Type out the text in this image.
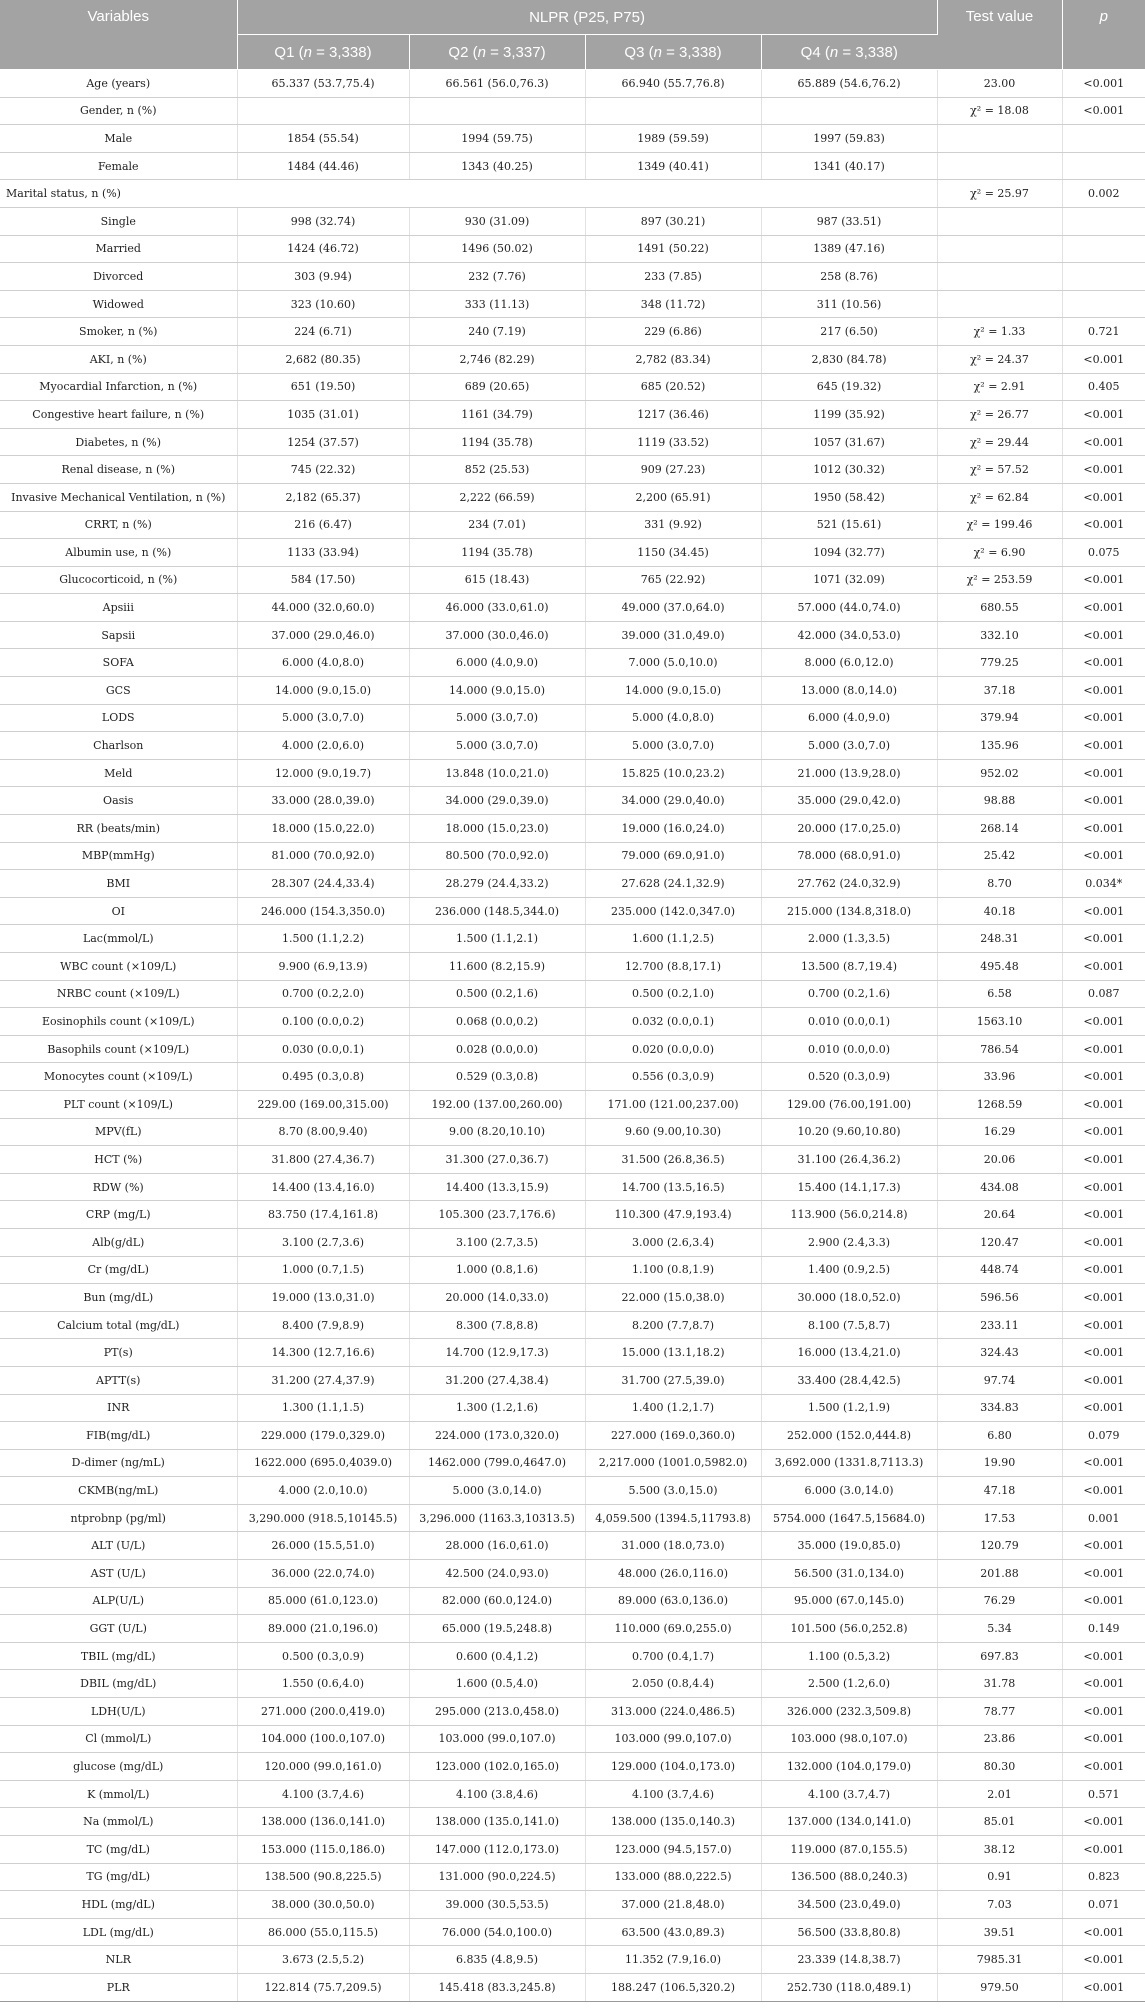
Variables	NLPR (P25, P75)				Test value	p
	Q1 (n = 3,338)	Q2 (n = 3,337)	Q3 (n = 3,338)	Q4 (n = 3,338)		
Age (years)	65.337 (53.7,75.4)	66.561 (56.0,76.3)	66.940 (55.7,76.8)	65.889 (54.6,76.2)	23.00	<0.001
Gender, n (%)					χ² = 18.08	<0.001
Male	1854 (55.54)	1994 (59.75)	1989 (59.59)	1997 (59.83)		
Female	1484 (44.46)	1343 (40.25)	1349 (40.41)	1341 (40.17)		
Marital status, n (%)					χ² = 25.97	0.002
Single	998 (32.74)	930 (31.09)	897 (30.21)	987 (33.51)		
Married	1424 (46.72)	1496 (50.02)	1491 (50.22)	1389 (47.16)		
Divorced	303 (9.94)	232 (7.76)	233 (7.85)	258 (8.76)		
Widowed	323 (10.60)	333 (11.13)	348 (11.72)	311 (10.56)		
Smoker, n (%)	224 (6.71)	240 (7.19)	229 (6.86)	217 (6.50)	χ² = 1.33	0.721
AKI, n (%)	2,682 (80.35)	2,746 (82.29)	2,782 (83.34)	2,830 (84.78)	χ² = 24.37	<0.001
Myocardial Infarction, n (%)	651 (19.50)	689 (20.65)	685 (20.52)	645 (19.32)	χ² = 2.91	0.405
Congestive heart failure, n (%)	1035 (31.01)	1161 (34.79)	1217 (36.46)	1199 (35.92)	χ² = 26.77	<0.001
Diabetes, n (%)	1254 (37.57)	1194 (35.78)	1119 (33.52)	1057 (31.67)	χ² = 29.44	<0.001
Renal disease, n (%)	745 (22.32)	852 (25.53)	909 (27.23)	1012 (30.32)	χ² = 57.52	<0.001
Invasive Mechanical Ventilation, n (%)	2,182 (65.37)	2,222 (66.59)	2,200 (65.91)	1950 (58.42)	χ² = 62.84	<0.001
CRRT, n (%)	216 (6.47)	234 (7.01)	331 (9.92)	521 (15.61)	χ² = 199.46	<0.001
Albumin use, n (%)	1133 (33.94)	1194 (35.78)	1150 (34.45)	1094 (32.77)	χ² = 6.90	0.075
Glucocorticoid, n (%)	584 (17.50)	615 (18.43)	765 (22.92)	1071 (32.09)	χ² = 253.59	<0.001
Apsiii	44.000 (32.0,60.0)	46.000 (33.0,61.0)	49.000 (37.0,64.0)	57.000 (44.0,74.0)	680.55	<0.001
Sapsii	37.000 (29.0,46.0)	37.000 (30.0,46.0)	39.000 (31.0,49.0)	42.000 (34.0,53.0)	332.10	<0.001
SOFA	6.000 (4.0,8.0)	6.000 (4.0,9.0)	7.000 (5.0,10.0)	8.000 (6.0,12.0)	779.25	<0.001
GCS	14.000 (9.0,15.0)	14.000 (9.0,15.0)	14.000 (9.0,15.0)	13.000 (8.0,14.0)	37.18	<0.001
LODS	5.000 (3.0,7.0)	5.000 (3.0,7.0)	5.000 (4.0,8.0)	6.000 (4.0,9.0)	379.94	<0.001
Charlson	4.000 (2.0,6.0)	5.000 (3.0,7.0)	5.000 (3.0,7.0)	5.000 (3.0,7.0)	135.96	<0.001
Meld	12.000 (9.0,19.7)	13.848 (10.0,21.0)	15.825 (10.0,23.2)	21.000 (13.9,28.0)	952.02	<0.001
Oasis	33.000 (28.0,39.0)	34.000 (29.0,39.0)	34.000 (29.0,40.0)	35.000 (29.0,42.0)	98.88	<0.001
RR (beats/min)	18.000 (15.0,22.0)	18.000 (15.0,23.0)	19.000 (16.0,24.0)	20.000 (17.0,25.0)	268.14	<0.001
MBP(mmHg)	81.000 (70.0,92.0)	80.500 (70.0,92.0)	79.000 (69.0,91.0)	78.000 (68.0,91.0)	25.42	<0.001
BMI	28.307 (24.4,33.4)	28.279 (24.4,33.2)	27.628 (24.1,32.9)	27.762 (24.0,32.9)	8.70	0.034*
OI	246.000 (154.3,350.0)	236.000 (148.5,344.0)	235.000 (142.0,347.0)	215.000 (134.8,318.0)	40.18	<0.001
Lac(mmol/L)	1.500 (1.1,2.2)	1.500 (1.1,2.1)	1.600 (1.1,2.5)	2.000 (1.3,3.5)	248.31	<0.001
WBC count (×109/L)	9.900 (6.9,13.9)	11.600 (8.2,15.9)	12.700 (8.8,17.1)	13.500 (8.7,19.4)	495.48	<0.001
NRBC count (×109/L)	0.700 (0.2,2.0)	0.500 (0.2,1.6)	0.500 (0.2,1.0)	0.700 (0.2,1.6)	6.58	0.087
Eosinophils count (×109/L)	0.100 (0.0,0.2)	0.068 (0.0,0.2)	0.032 (0.0,0.1)	0.010 (0.0,0.1)	1563.10	<0.001
Basophils count (×109/L)	0.030 (0.0,0.1)	0.028 (0.0,0.0)	0.020 (0.0,0.0)	0.010 (0.0,0.0)	786.54	<0.001
Monocytes count (×109/L)	0.495 (0.3,0.8)	0.529 (0.3,0.8)	0.556 (0.3,0.9)	0.520 (0.3,0.9)	33.96	<0.001
PLT count (×109/L)	229.00 (169.00,315.00)	192.00 (137.00,260.00)	171.00 (121.00,237.00)	129.00 (76.00,191.00)	1268.59	<0.001
MPV(fL)	8.70 (8.00,9.40)	9.00 (8.20,10.10)	9.60 (9.00,10.30)	10.20 (9.60,10.80)	16.29	<0.001
HCT (%)	31.800 (27.4,36.7)	31.300 (27.0,36.7)	31.500 (26.8,36.5)	31.100 (26.4,36.2)	20.06	<0.001
RDW (%)	14.400 (13.4,16.0)	14.400 (13.3,15.9)	14.700 (13.5,16.5)	15.400 (14.1,17.3)	434.08	<0.001
CRP (mg/L)	83.750 (17.4,161.8)	105.300 (23.7,176.6)	110.300 (47.9,193.4)	113.900 (56.0,214.8)	20.64	<0.001
Alb(g/dL)	3.100 (2.7,3.6)	3.100 (2.7,3.5)	3.000 (2.6,3.4)	2.900 (2.4,3.3)	120.47	<0.001
Cr (mg/dL)	1.000 (0.7,1.5)	1.000 (0.8,1.6)	1.100 (0.8,1.9)	1.400 (0.9,2.5)	448.74	<0.001
Bun (mg/dL)	19.000 (13.0,31.0)	20.000 (14.0,33.0)	22.000 (15.0,38.0)	30.000 (18.0,52.0)	596.56	<0.001
Calcium total (mg/dL)	8.400 (7.9,8.9)	8.300 (7.8,8.8)	8.200 (7.7,8.7)	8.100 (7.5,8.7)	233.11	<0.001
PT(s)	14.300 (12.7,16.6)	14.700 (12.9,17.3)	15.000 (13.1,18.2)	16.000 (13.4,21.0)	324.43	<0.001
APTT(s)	31.200 (27.4,37.9)	31.200 (27.4,38.4)	31.700 (27.5,39.0)	33.400 (28.4,42.5)	97.74	<0.001
INR	1.300 (1.1,1.5)	1.300 (1.2,1.6)	1.400 (1.2,1.7)	1.500 (1.2,1.9)	334.83	<0.001
FIB(mg/dL)	229.000 (179.0,329.0)	224.000 (173.0,320.0)	227.000 (169.0,360.0)	252.000 (152.0,444.8)	6.80	0.079
D-dimer (ng/mL)	1622.000 (695.0,4039.0)	1462.000 (799.0,4647.0)	2,217.000 (1001.0,5982.0)	3,692.000 (1331.8,7113.3)	19.90	<0.001
CKMB(ng/mL)	4.000 (2.0,10.0)	5.000 (3.0,14.0)	5.500 (3.0,15.0)	6.000 (3.0,14.0)	47.18	<0.001
ntprobnp (pg/ml)	3,290.000 (918.5,10145.5)	3,296.000 (1163.3,10313.5)	4,059.500 (1394.5,11793.8)	5754.000 (1647.5,15684.0)	17.53	0.001
ALT (U/L)	26.000 (15.5,51.0)	28.000 (16.0,61.0)	31.000 (18.0,73.0)	35.000 (19.0,85.0)	120.79	<0.001
AST (U/L)	36.000 (22.0,74.0)	42.500 (24.0,93.0)	48.000 (26.0,116.0)	56.500 (31.0,134.0)	201.88	<0.001
ALP(U/L)	85.000 (61.0,123.0)	82.000 (60.0,124.0)	89.000 (63.0,136.0)	95.000 (67.0,145.0)	76.29	<0.001
GGT (U/L)	89.000 (21.0,196.0)	65.000 (19.5,248.8)	110.000 (69.0,255.0)	101.500 (56.0,252.8)	5.34	0.149
TBIL (mg/dL)	0.500 (0.3,0.9)	0.600 (0.4,1.2)	0.700 (0.4,1.7)	1.100 (0.5,3.2)	697.83	<0.001
DBIL (mg/dL)	1.550 (0.6,4.0)	1.600 (0.5,4.0)	2.050 (0.8,4.4)	2.500 (1.2,6.0)	31.78	<0.001
LDH(U/L)	271.000 (200.0,419.0)	295.000 (213.0,458.0)	313.000 (224.0,486.5)	326.000 (232.3,509.8)	78.77	<0.001
Cl (mmol/L)	104.000 (100.0,107.0)	103.000 (99.0,107.0)	103.000 (99.0,107.0)	103.000 (98.0,107.0)	23.86	<0.001
glucose (mg/dL)	120.000 (99.0,161.0)	123.000 (102.0,165.0)	129.000 (104.0,173.0)	132.000 (104.0,179.0)	80.30	<0.001
K (mmol/L)	4.100 (3.7,4.6)	4.100 (3.8,4.6)	4.100 (3.7,4.6)	4.100 (3.7,4.7)	2.01	0.571
Na (mmol/L)	138.000 (136.0,141.0)	138.000 (135.0,141.0)	138.000 (135.0,140.3)	137.000 (134.0,141.0)	85.01	<0.001
TC (mg/dL)	153.000 (115.0,186.0)	147.000 (112.0,173.0)	123.000 (94.5,157.0)	119.000 (87.0,155.5)	38.12	<0.001
TG (mg/dL)	138.500 (90.8,225.5)	131.000 (90.0,224.5)	133.000 (88.0,222.5)	136.500 (88.0,240.3)	0.91	0.823
HDL (mg/dL)	38.000 (30.0,50.0)	39.000 (30.5,53.5)	37.000 (21.8,48.0)	34.500 (23.0,49.0)	7.03	0.071
LDL (mg/dL)	86.000 (55.0,115.5)	76.000 (54.0,100.0)	63.500 (43.0,89.3)	56.500 (33.8,80.8)	39.51	<0.001
NLR	3.673 (2.5,5.2)	6.835 (4.8,9.5)	11.352 (7.9,16.0)	23.339 (14.8,38.7)	7985.31	<0.001
PLR	122.814 (75.7,209.5)	145.418 (83.3,245.8)	188.247 (106.5,320.2)	252.730 (118.0,489.1)	979.50	<0.001
